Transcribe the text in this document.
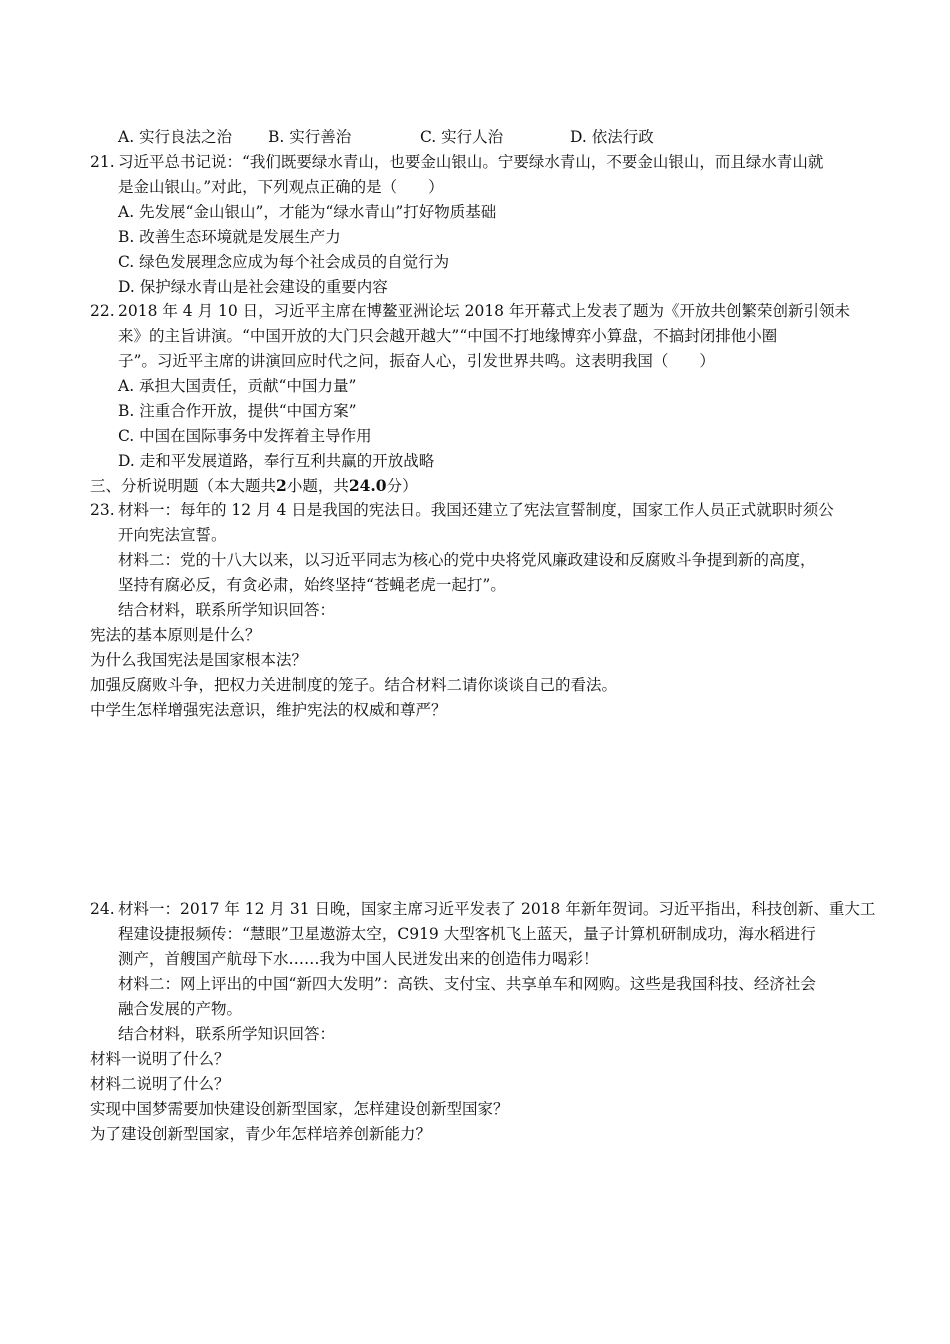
A. 实行良法之治 B. 实行善治	C. 实行人治	D. 依法行政
21. 习近平总书记说：“我们既要绿水青山，也要金山银山。宁要绿水青山，不要金山银山，而且绿水青山就
是金山银山。”对此，下列观点正确的是（　　）
A. 先发展“金山银山”，才能为“绿水青山”打好物质基础
B. 改善生态环境就是发展生产力
C. 绿色发展理念应成为每个社会成员的自觉行为
D. 保护绿水青山是社会建设的重要内容
22. 2018 年 4 月 10 日，习近平主席在博鳌亚洲论坛 2018 年开幕式上发表了题为《开放共创繁荣创新引领未
来》的主旨讲演。“中国开放的大门只会越开越大”“中国不打地缘博弈小算盘，不搞封闭排他小圈
子”。习近平主席的讲演回应时代之问，振奋人心，引发世界共鸣。这表明我国（　　）
A. 承担大国责任，贡献“中国力量”
B. 注重合作开放，提供“中国方案”
C. 中国在国际事务中发挥着主导作用
D. 走和平发展道路，奉行互利共赢的开放战略
三、分析说明题（本大题共2小题，共24.0分）
23. 材料一：每年的 12 月 4 日是我国的宪法日。我国还建立了宪法宣誓制度，国家工作人员正式就职时须公
开向宪法宣誓。
材料二：党的十八大以来，以习近平同志为核心的党中央将党风廉政建设和反腐败斗争提到新的高度，
坚持有腐必反，有贪必肃，始终坚持“苍蝇老虎一起打”。
结合材料，联系所学知识回答：
宪法的基本原则是什么？
为什么我国宪法是国家根本法？
加强反腐败斗争，把权力关进制度的笼子。结合材料二请你谈谈自己的看法。
中学生怎样增强宪法意识，维护宪法的权威和尊严？
24. 材料一：2017 年 12 月 31 日晚，国家主席习近平发表了 2018 年新年贺词。习近平指出，科技创新、重大工
程建设捷报频传：“慧眼”卫星遨游太空，C919 大型客机飞上蓝天，量子计算机研制成功，海水稻进行
测产，首艘国产航母下水……我为中国人民迸发出来的创造伟力喝彩！
材料二：网上评出的中国“新四大发明”：高铁、支付宝、共享单车和网购。这些是我国科技、经济社会
融合发展的产物。
结合材料，联系所学知识回答：
材料一说明了什么？
材料二说明了什么？
实现中国梦需要加快建设创新型国家，怎样建设创新型国家？
为了建设创新型国家，青少年怎样培养创新能力？
